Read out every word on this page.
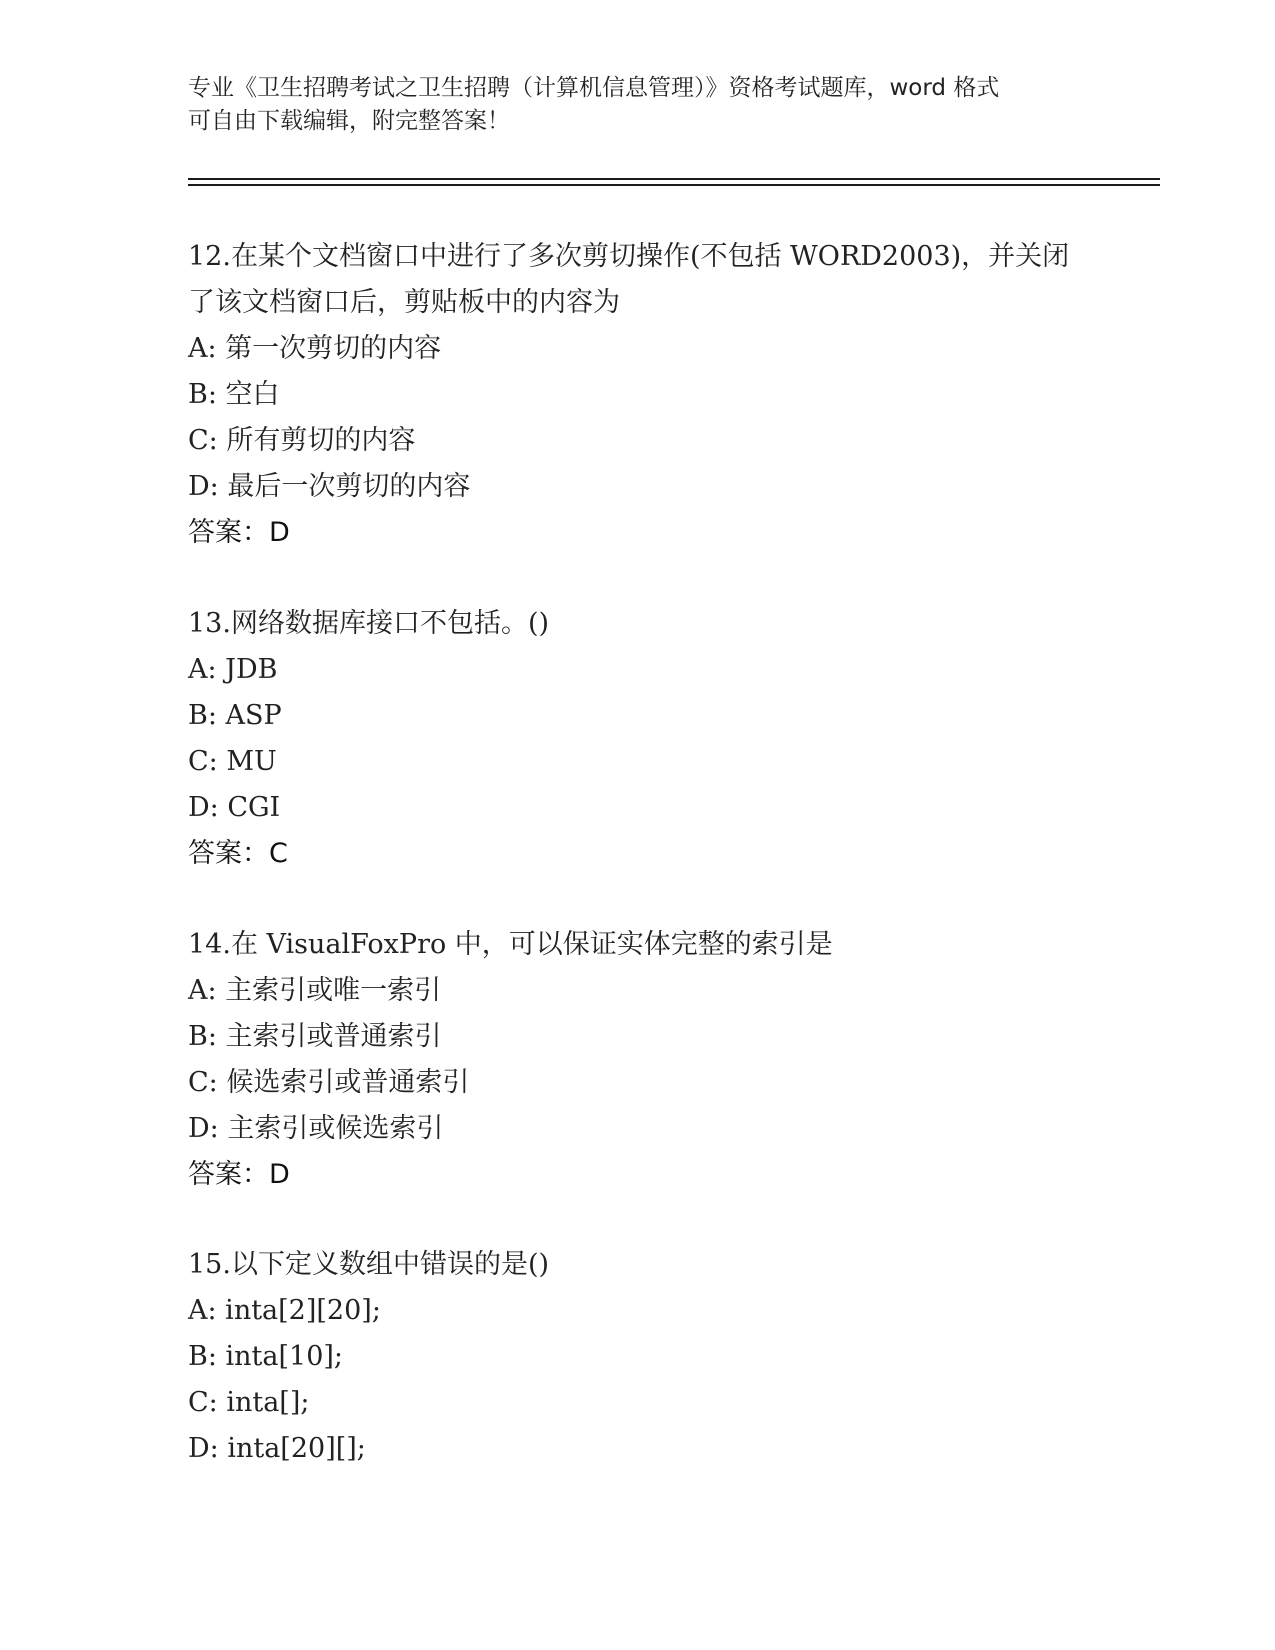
专业《卫生招聘考试之卫生招聘（计算机信息管理）》资格考试题库，word 格式
可自由下载编辑，附完整答案！
12.在某个文档窗口中进行了多次剪切操作(不包括 WORD2003)，并关闭
了该文档窗口后，剪贴板中的内容为
A: 第一次剪切的内容
B: 空白
C: 所有剪切的内容
D: 最后一次剪切的内容
答案：D
13.网络数据库接口不包括。()
A: JDB
B: ASP
C: MU
D: CGI
答案：C
14.在 VisualFoxPro 中，可以保证实体完整的索引是
A: 主索引或唯一索引
B: 主索引或普通索引
C: 候选索引或普通索引
D: 主索引或候选索引
答案：D
15.以下定义数组中错误的是()
A: inta[2][20];
B: inta[10];
C: inta[];
D: inta[20][];
